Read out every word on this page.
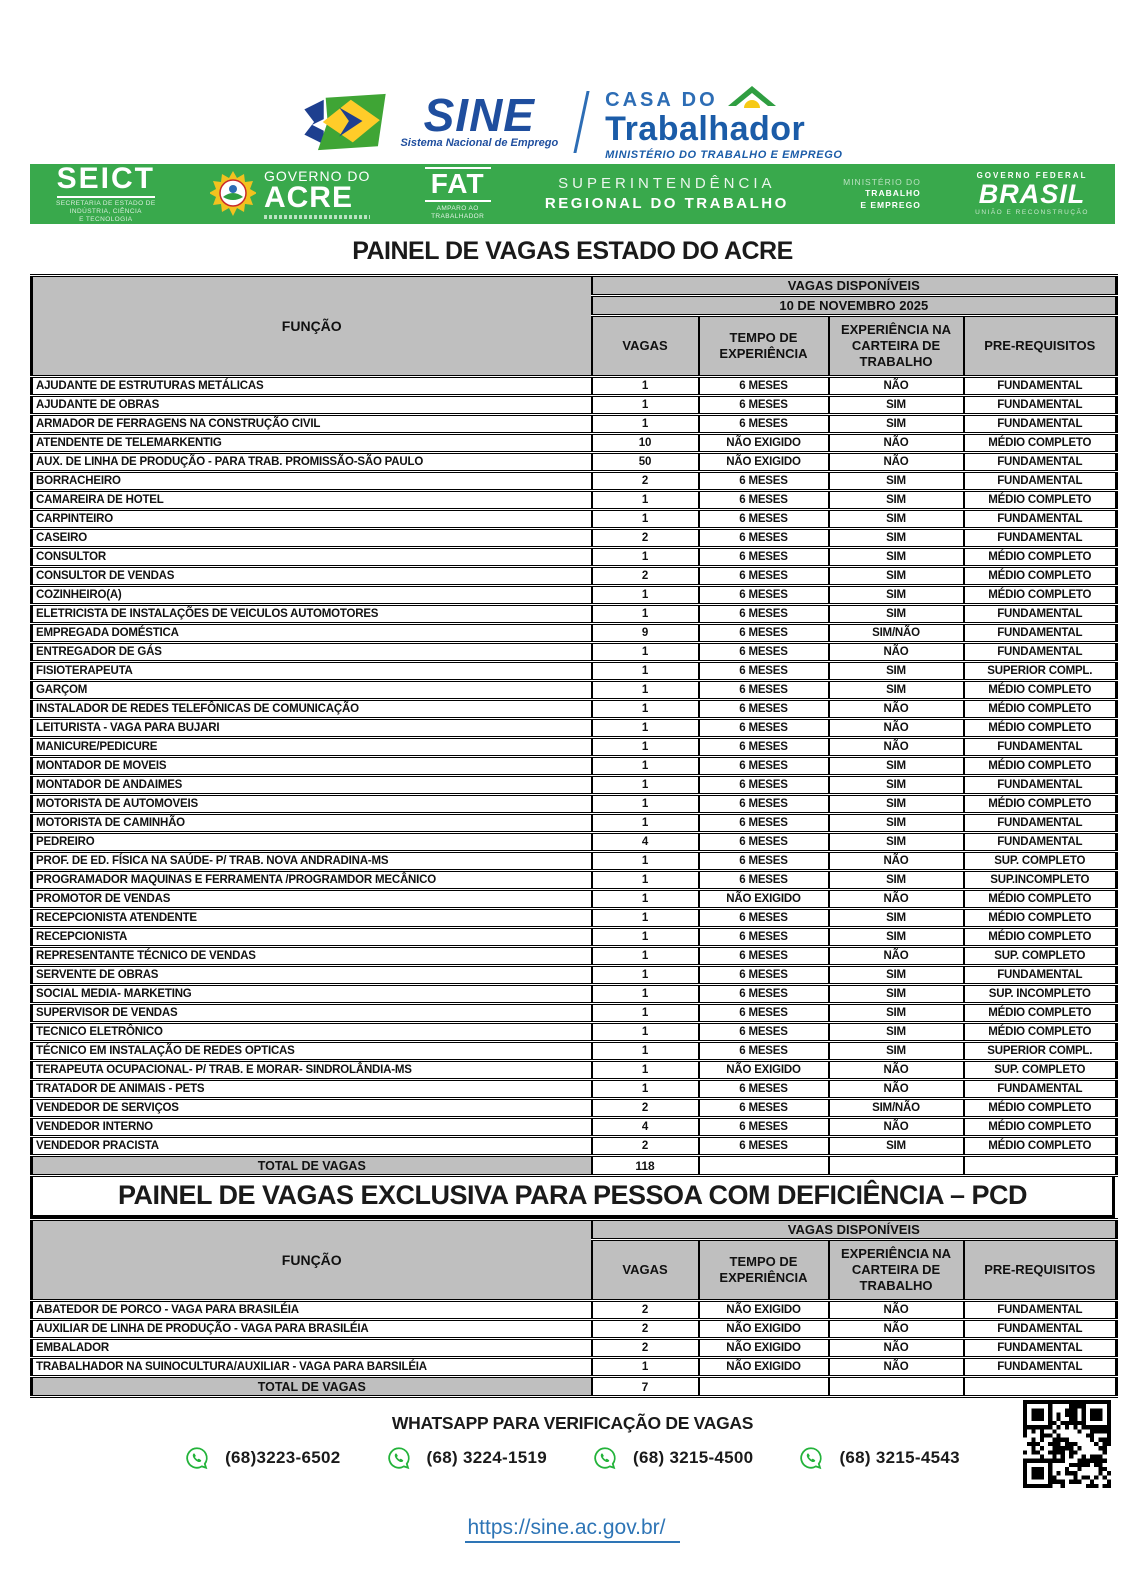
SINE
Sistema Nacional de Emprego
CASA DO
Trabalhador
MINISTÉRIO DO TRABALHO E EMPREGO
SEICT
SECRETARIA DE ESTADO DE
INDÚSTRIA, CIÊNCIA
E TECNOLOGIA
GOVERNO DO
ACRE	FAT
AMPARO AO
TRABALHADOR
SUPERINTENDÊNCIA
REGIONAL DO TRABALHO
MINISTÉRIO DO
TRABALHO
E EMPREGO
GOVERNO FEDERAL
BRASIL
UNIÃO E RECONSTRUÇÃO
PAINEL DE VAGAS ESTADO DO ACRE
FUNÇÃO	VAGAS DISPONÍVEIS			
	10 DE NOVEMBRO 2025			
	VAGAS	TEMPO DE EXPERIÊNCIA	EXPERIÊNCIA NA CARTEIRA DE TRABALHO	PRE-REQUISITOS
AJUDANTE DE ESTRUTURAS METÁLICAS	1	6 MESES	NÃO	FUNDAMENTAL
AJUDANTE DE OBRAS	1	6 MESES	SIM	FUNDAMENTAL
ARMADOR DE FERRAGENS NA CONSTRUÇÃO CIVIL	1	6 MESES	SIM	FUNDAMENTAL
ATENDENTE DE TELEMARKENTIG	10	NÃO EXIGIDO	NÃO	MÉDIO COMPLETO
AUX. DE LINHA DE PRODUÇÃO - PARA TRAB. PROMISSÃO-SÃO PAULO	50	NÃO EXIGIDO	NÃO	FUNDAMENTAL
BORRACHEIRO	2	6 MESES	SIM	FUNDAMENTAL
CAMAREIRA DE HOTEL	1	6 MESES	SIM	MÉDIO COMPLETO
CARPINTEIRO	1	6 MESES	SIM	FUNDAMENTAL
CASEIRO	2	6 MESES	SIM	FUNDAMENTAL
CONSULTOR	1	6 MESES	SIM	MÉDIO COMPLETO
CONSULTOR DE VENDAS	2	6 MESES	SIM	MÉDIO COMPLETO
COZINHEIRO(A)	1	6 MESES	SIM	MÉDIO COMPLETO
ELETRICISTA DE INSTALAÇÕES DE VEICULOS AUTOMOTORES	1	6 MESES	SIM	FUNDAMENTAL
EMPREGADA DOMÉSTICA	9	6 MESES	SIM/NÃO	FUNDAMENTAL
ENTREGADOR DE GÁS	1	6 MESES	NÃO	FUNDAMENTAL
FISIOTERAPEUTA	1	6 MESES	SIM	SUPERIOR COMPL.
GARÇOM	1	6 MESES	SIM	MÉDIO COMPLETO
INSTALADOR DE REDES TELEFÔNICAS DE COMUNICAÇÃO	1	6 MESES	NÃO	MÉDIO COMPLETO
LEITURISTA - VAGA PARA BUJARI	1	6 MESES	NÃO	MÉDIO COMPLETO
MANICURE/PEDICURE	1	6 MESES	NÃO	FUNDAMENTAL
MONTADOR DE MOVEIS	1	6 MESES	SIM	MÉDIO COMPLETO
MONTADOR DE ANDAIMES	1	6 MESES	SIM	FUNDAMENTAL
MOTORISTA DE AUTOMOVEIS	1	6 MESES	SIM	MÉDIO COMPLETO
MOTORISTA DE CAMINHÃO	1	6 MESES	SIM	FUNDAMENTAL
PEDREIRO	4	6 MESES	SIM	FUNDAMENTAL
PROF. DE ED. FÍSICA NA SAÚDE- P/ TRAB. NOVA ANDRADINA-MS	1	6 MESES	NÃO	SUP. COMPLETO
PROGRAMADOR MAQUINAS E FERRAMENTA /PROGRAMDOR MECÂNICO	1	6 MESES	SIM	SUP.INCOMPLETO
PROMOTOR DE VENDAS	1	NÃO EXIGIDO	NÃO	MÉDIO COMPLETO
RECEPCIONISTA ATENDENTE	1	6 MESES	SIM	MÉDIO COMPLETO
RECEPCIONISTA	1	6 MESES	SIM	MÉDIO COMPLETO
REPRESENTANTE TÉCNICO DE VENDAS	1	6 MESES	NÃO	SUP. COMPLETO
SERVENTE DE OBRAS	1	6 MESES	SIM	FUNDAMENTAL
SOCIAL MEDIA- MARKETING	1	6 MESES	SIM	SUP. INCOMPLETO
SUPERVISOR DE VENDAS	1	6 MESES	SIM	MÉDIO COMPLETO
TECNICO ELETRÔNICO	1	6 MESES	SIM	MÉDIO COMPLETO
TÉCNICO EM INSTALAÇÃO DE REDES OPTICAS	1	6 MESES	SIM	SUPERIOR COMPL.
TERAPEUTA OCUPACIONAL- P/ TRAB. E MORAR- SINDROLÂNDIA-MS	1	NÃO EXIGIDO	NÃO	SUP. COMPLETO
TRATADOR DE ANIMAIS - PETS	1	6 MESES	NÃO	FUNDAMENTAL
VENDEDOR DE SERVIÇOS	2	6 MESES	SIM/NÃO	MÉDIO COMPLETO
VENDEDOR INTERNO	4	6 MESES	NÃO	MÉDIO COMPLETO
VENDEDOR PRACISTA	2	6 MESES	SIM	MÉDIO COMPLETO
TOTAL DE VAGAS	118			
PAINEL DE VAGAS EXCLUSIVA PARA PESSOA COM DEFICIÊNCIA – PCD
FUNÇÃO	VAGAS DISPONÍVEIS			
	VAGAS	TEMPO DE EXPERIÊNCIA	EXPERIÊNCIA NA CARTEIRA DE TRABALHO	PRE-REQUISITOS
ABATEDOR DE PORCO - VAGA PARA BRASILÉIA	2	NÃO EXIGIDO	NÃO	FUNDAMENTAL
AUXILIAR DE LINHA DE PRODUÇÃO - VAGA PARA BRASILÉIA	2	NÃO EXIGIDO	NÃO	FUNDAMENTAL
EMBALADOR	2	NÃO EXIGIDO	NÃO	FUNDAMENTAL
TRABALHADOR NA SUINOCULTURA/AUXILIAR - VAGA PARA BARSILÉIA	1	NÃO EXIGIDO	NÃO	FUNDAMENTAL
TOTAL DE VAGAS	7			
WHATSAPP PARA VERIFICAÇÃO DE VAGAS
(68)3223-6502	(68) 3224-1519	(68) 3215-4500	(68) 3215-4543
https://sine.ac.gov.br/
